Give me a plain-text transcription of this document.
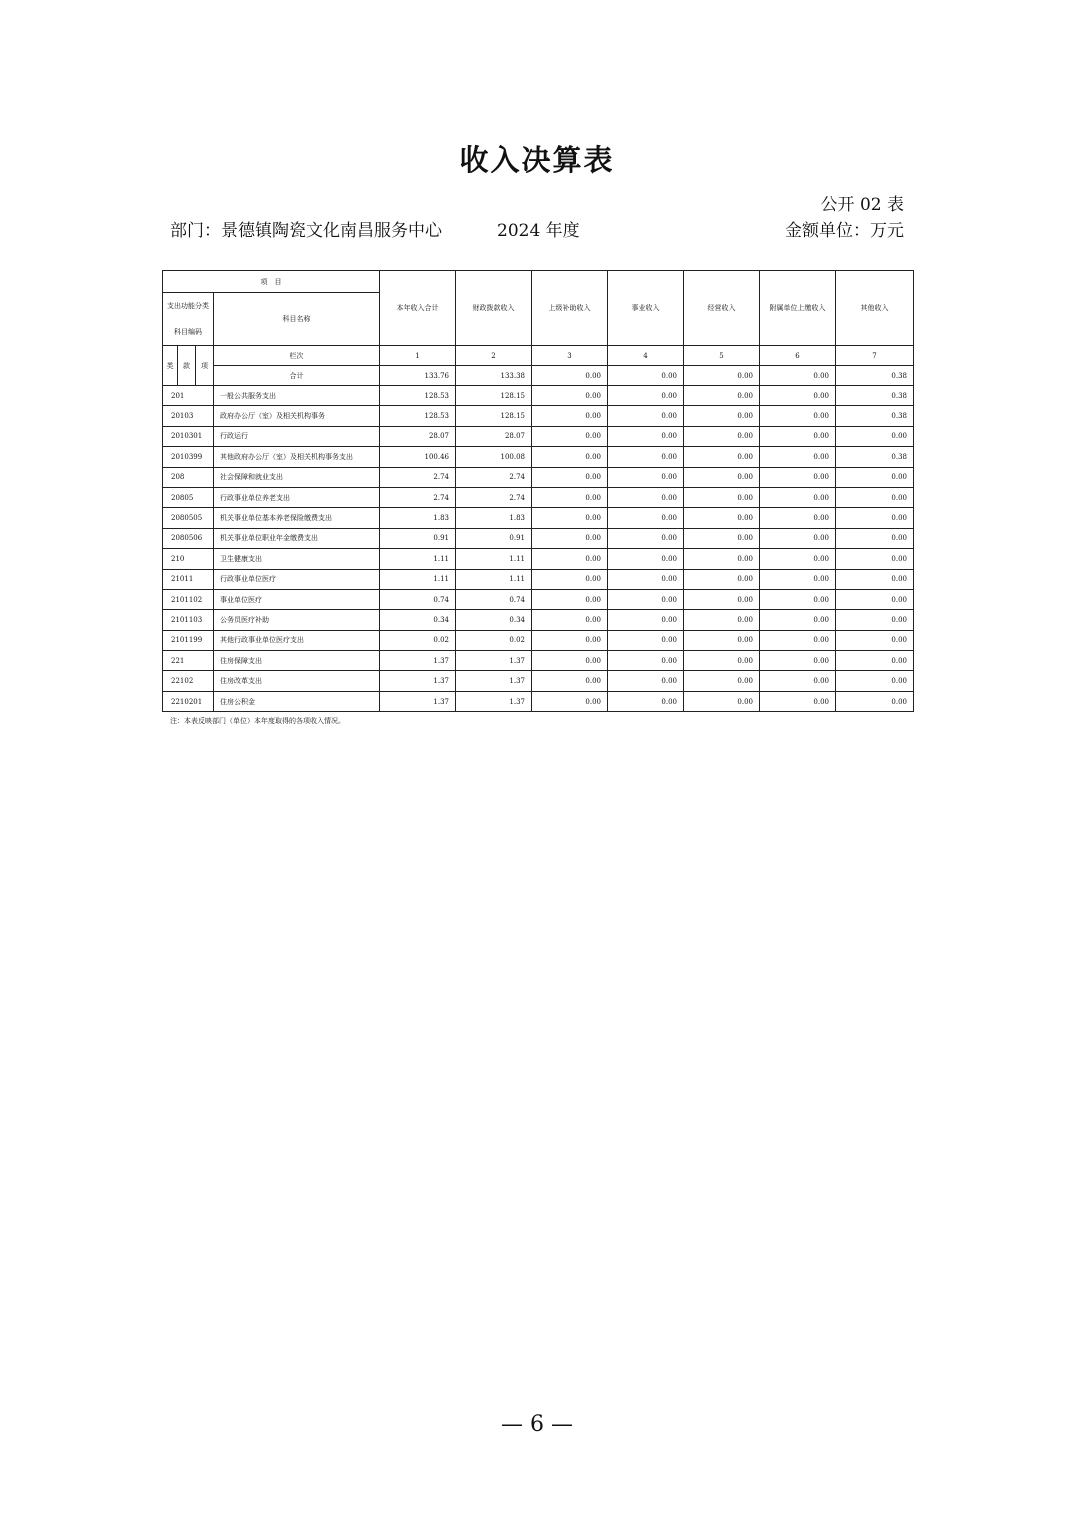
收入决算表
公开 02 表
部门：景德镇陶瓷文化南昌服务中心	2024 年度	金额单位：万元
项　目				本年收入合计	财政拨款收入	上级补助收入	事业收入	经营收入	附属单位上缴收入	其他收入
支出功能分类科目编码			科目名称							
类	款	项	栏次	1	2	3	4	5	6	7
			合计	133.76	133.38	0.00	0.00	0.00	0.00	0.38
201			一般公共服务支出	128.53	128.15	0.00	0.00	0.00	0.00	0.38
20103			政府办公厅（室）及相关机构事务	128.53	128.15	0.00	0.00	0.00	0.00	0.38
2010301			行政运行	28.07	28.07	0.00	0.00	0.00	0.00	0.00
2010399			其他政府办公厅（室）及相关机构事务支出	100.46	100.08	0.00	0.00	0.00	0.00	0.38
208			社会保障和就业支出	2.74	2.74	0.00	0.00	0.00	0.00	0.00
20805			行政事业单位养老支出	2.74	2.74	0.00	0.00	0.00	0.00	0.00
2080505			机关事业单位基本养老保险缴费支出	1.83	1.83	0.00	0.00	0.00	0.00	0.00
2080506			机关事业单位职业年金缴费支出	0.91	0.91	0.00	0.00	0.00	0.00	0.00
210			卫生健康支出	1.11	1.11	0.00	0.00	0.00	0.00	0.00
21011			行政事业单位医疗	1.11	1.11	0.00	0.00	0.00	0.00	0.00
2101102			事业单位医疗	0.74	0.74	0.00	0.00	0.00	0.00	0.00
2101103			公务员医疗补助	0.34	0.34	0.00	0.00	0.00	0.00	0.00
2101199			其他行政事业单位医疗支出	0.02	0.02	0.00	0.00	0.00	0.00	0.00
221			住房保障支出	1.37	1.37	0.00	0.00	0.00	0.00	0.00
22102			住房改革支出	1.37	1.37	0.00	0.00	0.00	0.00	0.00
2210201			住房公积金	1.37	1.37	0.00	0.00	0.00	0.00	0.00
注：本表反映部门（单位）本年度取得的各项收入情况。
— 6 —
